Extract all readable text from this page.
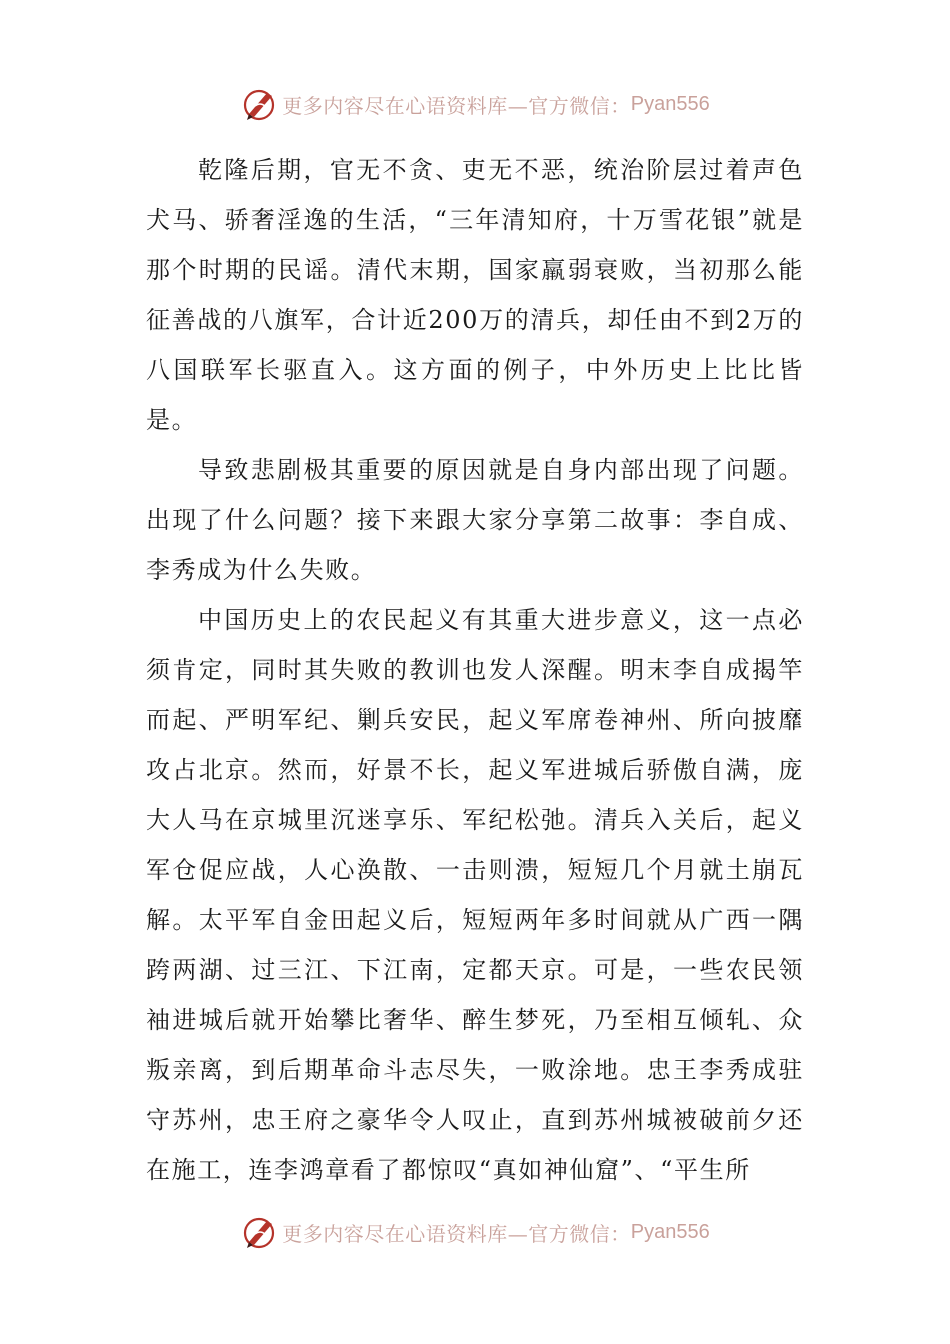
更多内容尽在心语资料库—官方微信： Pyan556

乾隆后期，官无不贪、吏无不恶，统治阶层过着声色犬马、骄奢淫逸的生活，“三年清知府，十万雪花银”就是那个时期的民谣。清代末期，国家羸弱衰败，当初那么能征善战的八旗军，合计近200万的清兵，却任由不到2万的八国联军长驱直入。这方面的例子，中外历史上比比皆是。

导致悲剧极其重要的原因就是自身内部出现了问题。出现了什么问题？接下来跟大家分享第二故事：李自成、李秀成为什么失败。

中国历史上的农民起义有其重大进步意义，这一点必须肯定，同时其失败的教训也发人深醒。明末李自成揭竿而起、严明军纪、剿兵安民，起义军席卷神州、所向披靡攻占北京。然而，好景不长，起义军进城后骄傲自满，庞大人马在京城里沉迷享乐、军纪松弛。清兵入关后，起义军仓促应战，人心涣散、一击则溃，短短几个月就土崩瓦解。太平军自金田起义后，短短两年多时间就从广西一隅跨两湖、过三江、下江南，定都天京。可是，一些农民领袖进城后就开始攀比奢华、醉生梦死，乃至相互倾轧、众叛亲离，到后期革命斗志尽失，一败涂地。忠王李秀成驻守苏州，忠王府之豪华令人叹止，直到苏州城被破前夕还在施工，连李鸿章看了都惊叹“真如神仙窟”、“平生所

更多内容尽在心语资料库—官方微信： Pyan556
